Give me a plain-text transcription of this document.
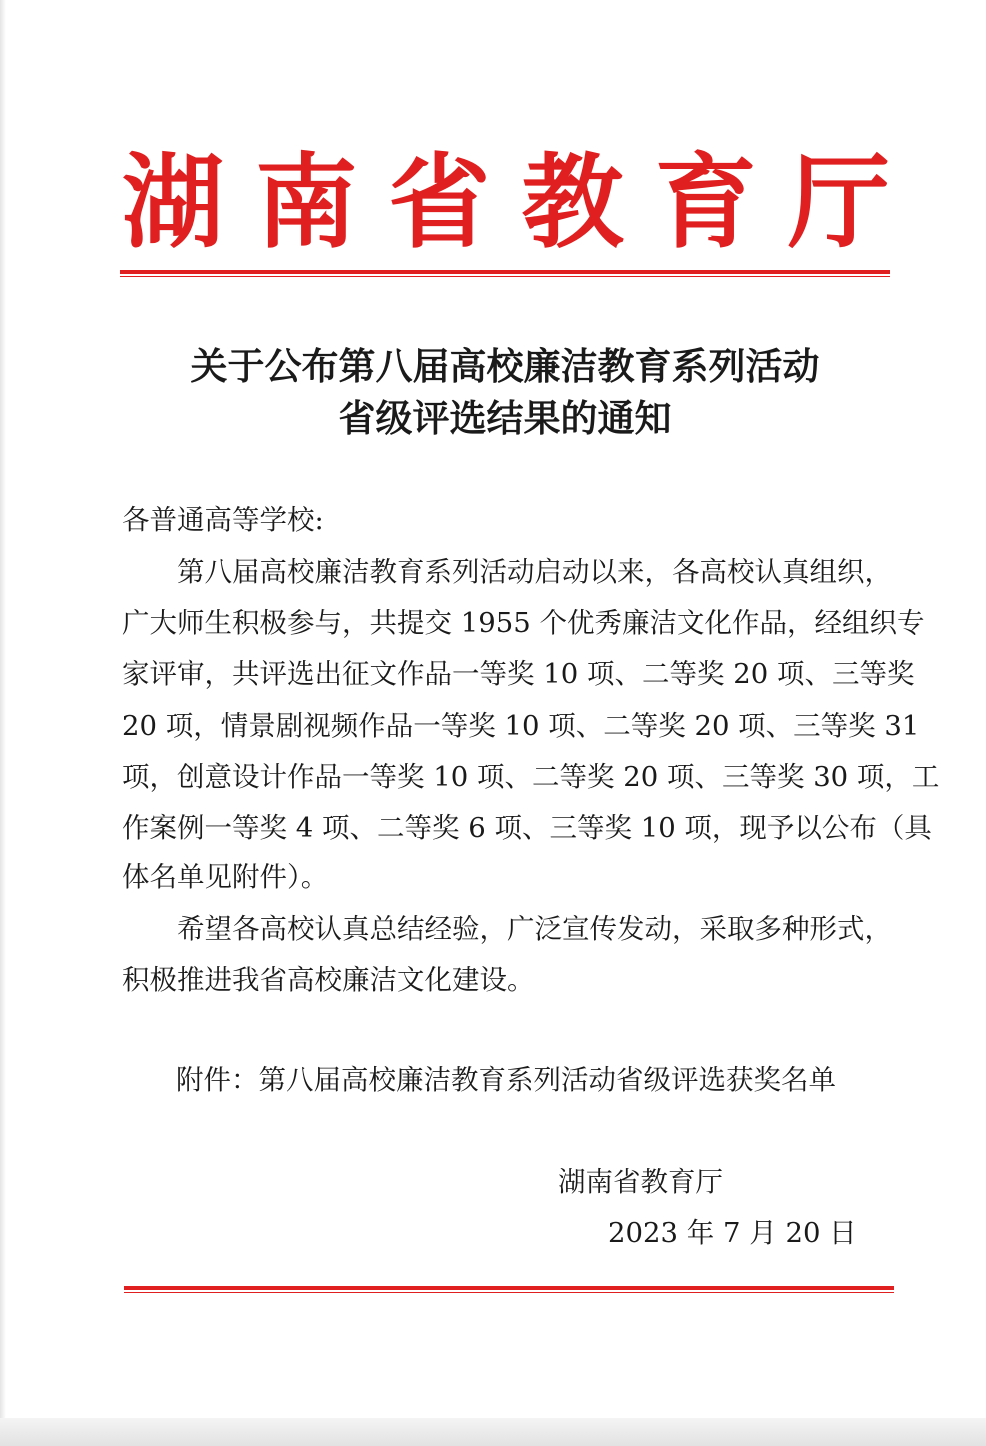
湖 南 省 教 育 厅
关于公布第八届高校廉洁教育系列活动
省级评选结果的通知
各普通高等学校:
第八届高校廉洁教育系列活动启动以来，各高校认真组织，
广大师生积极参与，共提交 1955 个优秀廉洁文化作品，经组织专
家评审，共评选出征文作品一等奖 10 项、二等奖 20 项、三等奖
20 项，情景剧视频作品一等奖 10 项、二等奖 20 项、三等奖 31
项，创意设计作品一等奖 10 项、二等奖 20 项、三等奖 30 项，工
作案例一等奖 4 项、二等奖 6 项、三等奖 10 项，现予以公布（具
体名单见附件）。
希望各高校认真总结经验，广泛宣传发动，采取多种形式，
积极推进我省高校廉洁文化建设。
附件：第八届高校廉洁教育系列活动省级评选获奖名单
湖南省教育厅
2023 年 7 月 20 日
